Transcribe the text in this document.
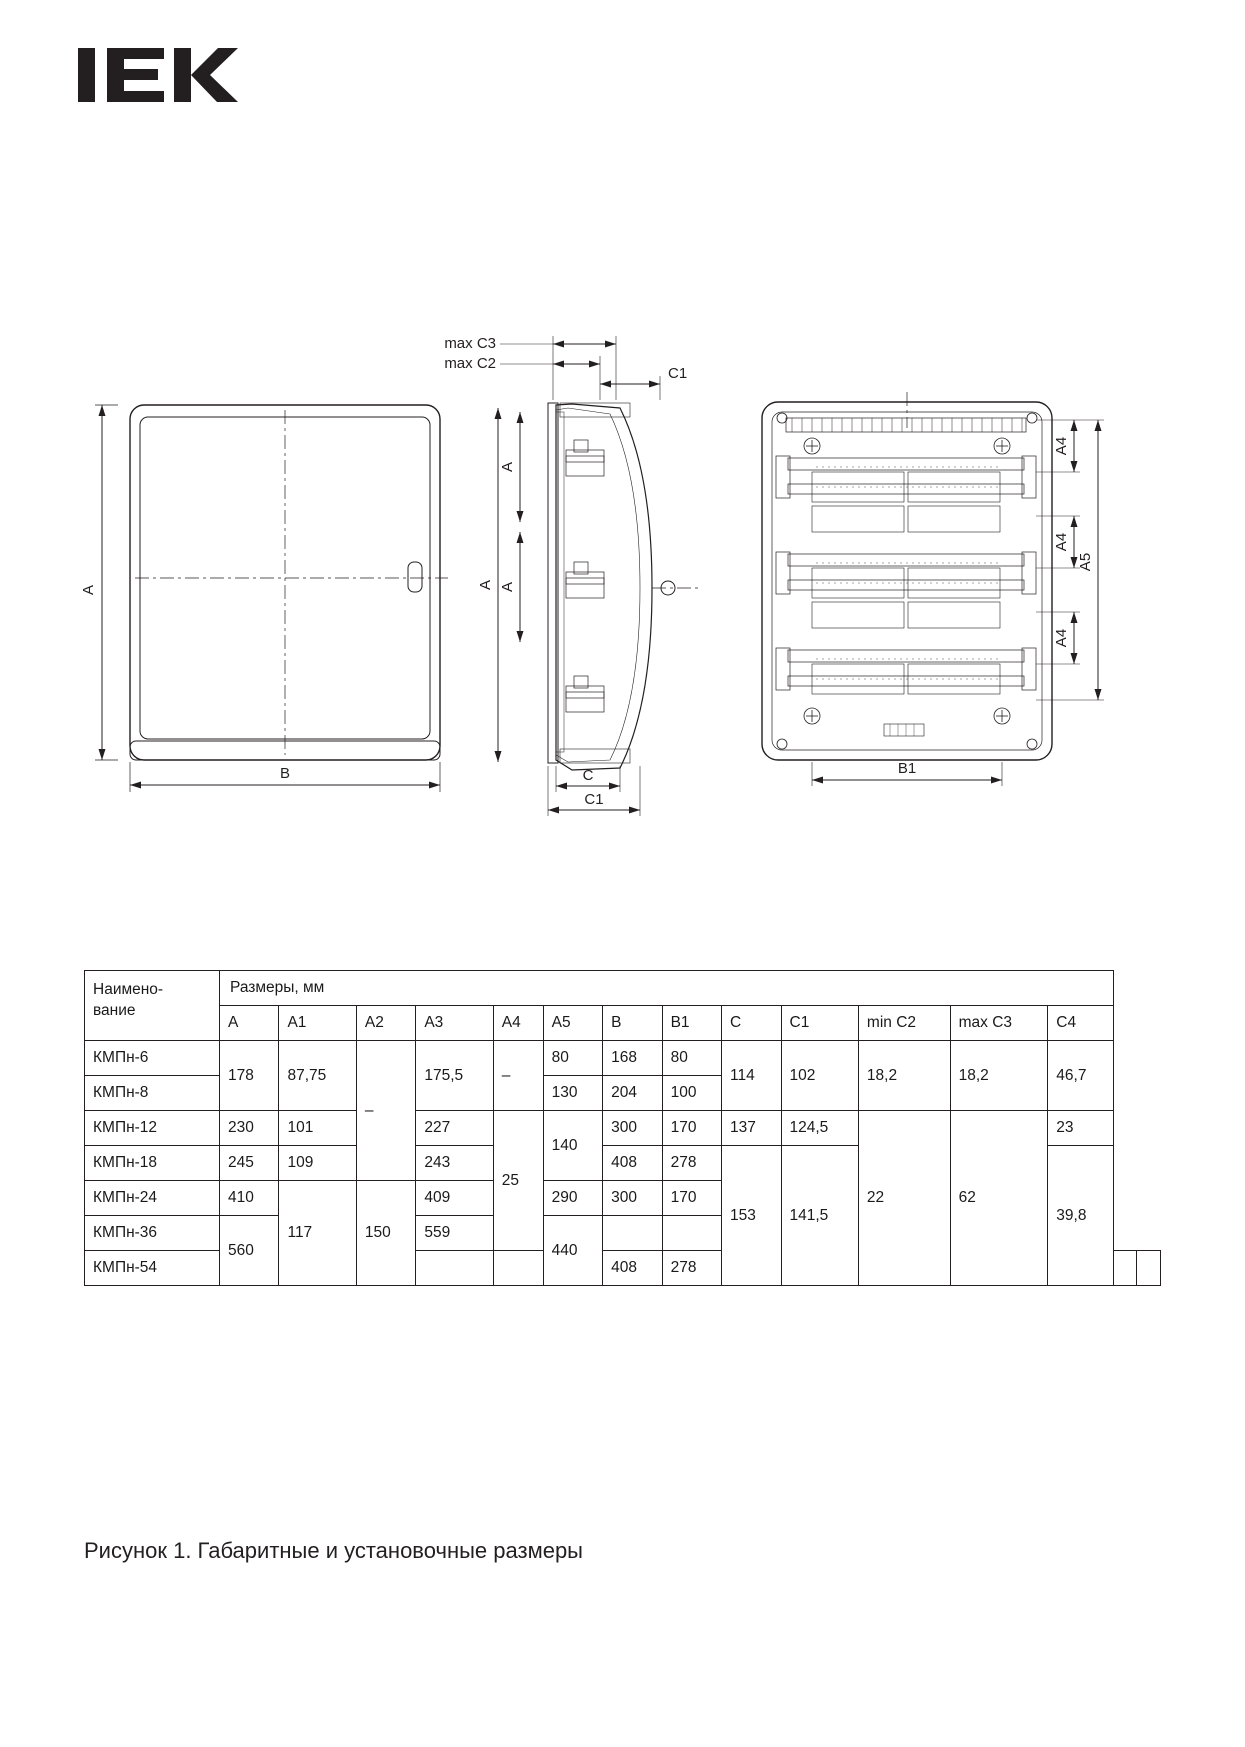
A
B
max C3
max C2
C1
A
A
A
C
C1
A4
A4
A4
A5
B1
Наимено-
вание	Размеры, мм														
	A	A1	A2	A3	A4	A5	B	B1	C	C1	min C2	max C3	C4		
КМПн-6	178	87,75	–	175,5	–	80	168	80	114	102	18,2	18,2	46,7		
КМПн-8						130	204	100							
КМПн-12	230	101		227	25	140	300	170	137	124,5	22	62	23		
КМПн-18	245	109		243			408	278	153	141,5			39,8		
КМПн-24	410	117	150	409		290	300	170							
КМПн-36	560			559		440									
КМПн-54							408	278							
Рисунок 1. Габаритные и установочные размеры
